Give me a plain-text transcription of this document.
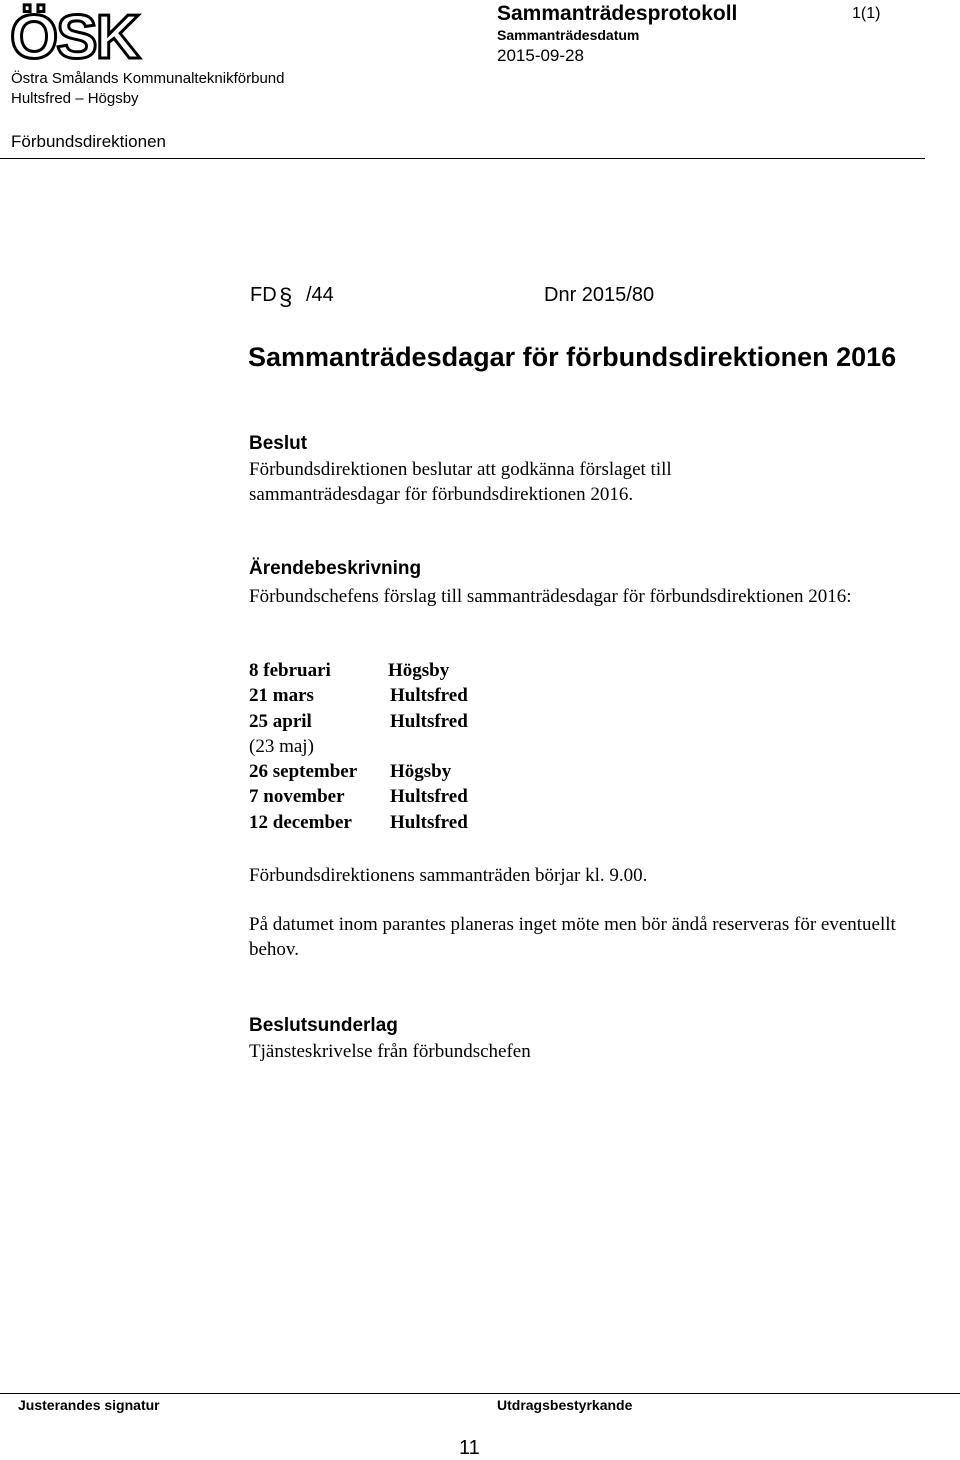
ÖSK
Östra Smålands Kommunalteknikförbund
Hultsfred – Högsby
Sammanträdesprotokoll
Sammanträdesdatum
2015-09-28
1(1)
Förbundsdirektionen
FD § /44	Dnr 2015/80
Sammanträdesdagar för förbundsdirektionen 2016
Beslut

Förbundsdirektionen beslutar att godkänna förslaget till sammanträdesdagar för förbundsdirektionen 2016.

Ärendebeskrivning

Förbundschefens förslag till sammanträdesdagar för förbundsdirektionen 2016:

8 februari	Högsby
21 mars	Hultsfred
25 april	Hultsfred
(23 maj)
26 september Högsby
7 november Hultsfred
12 december Hultsfred

Förbundsdirektionens sammanträden börjar kl. 9.00.

På datumet inom parantes planeras inget möte men bör ändå reserveras för eventuellt behov.

Beslutsunderlag

Tjänsteskrivelse från förbundschefen

Justerandes signatur	Utdragsbestyrkande
11
